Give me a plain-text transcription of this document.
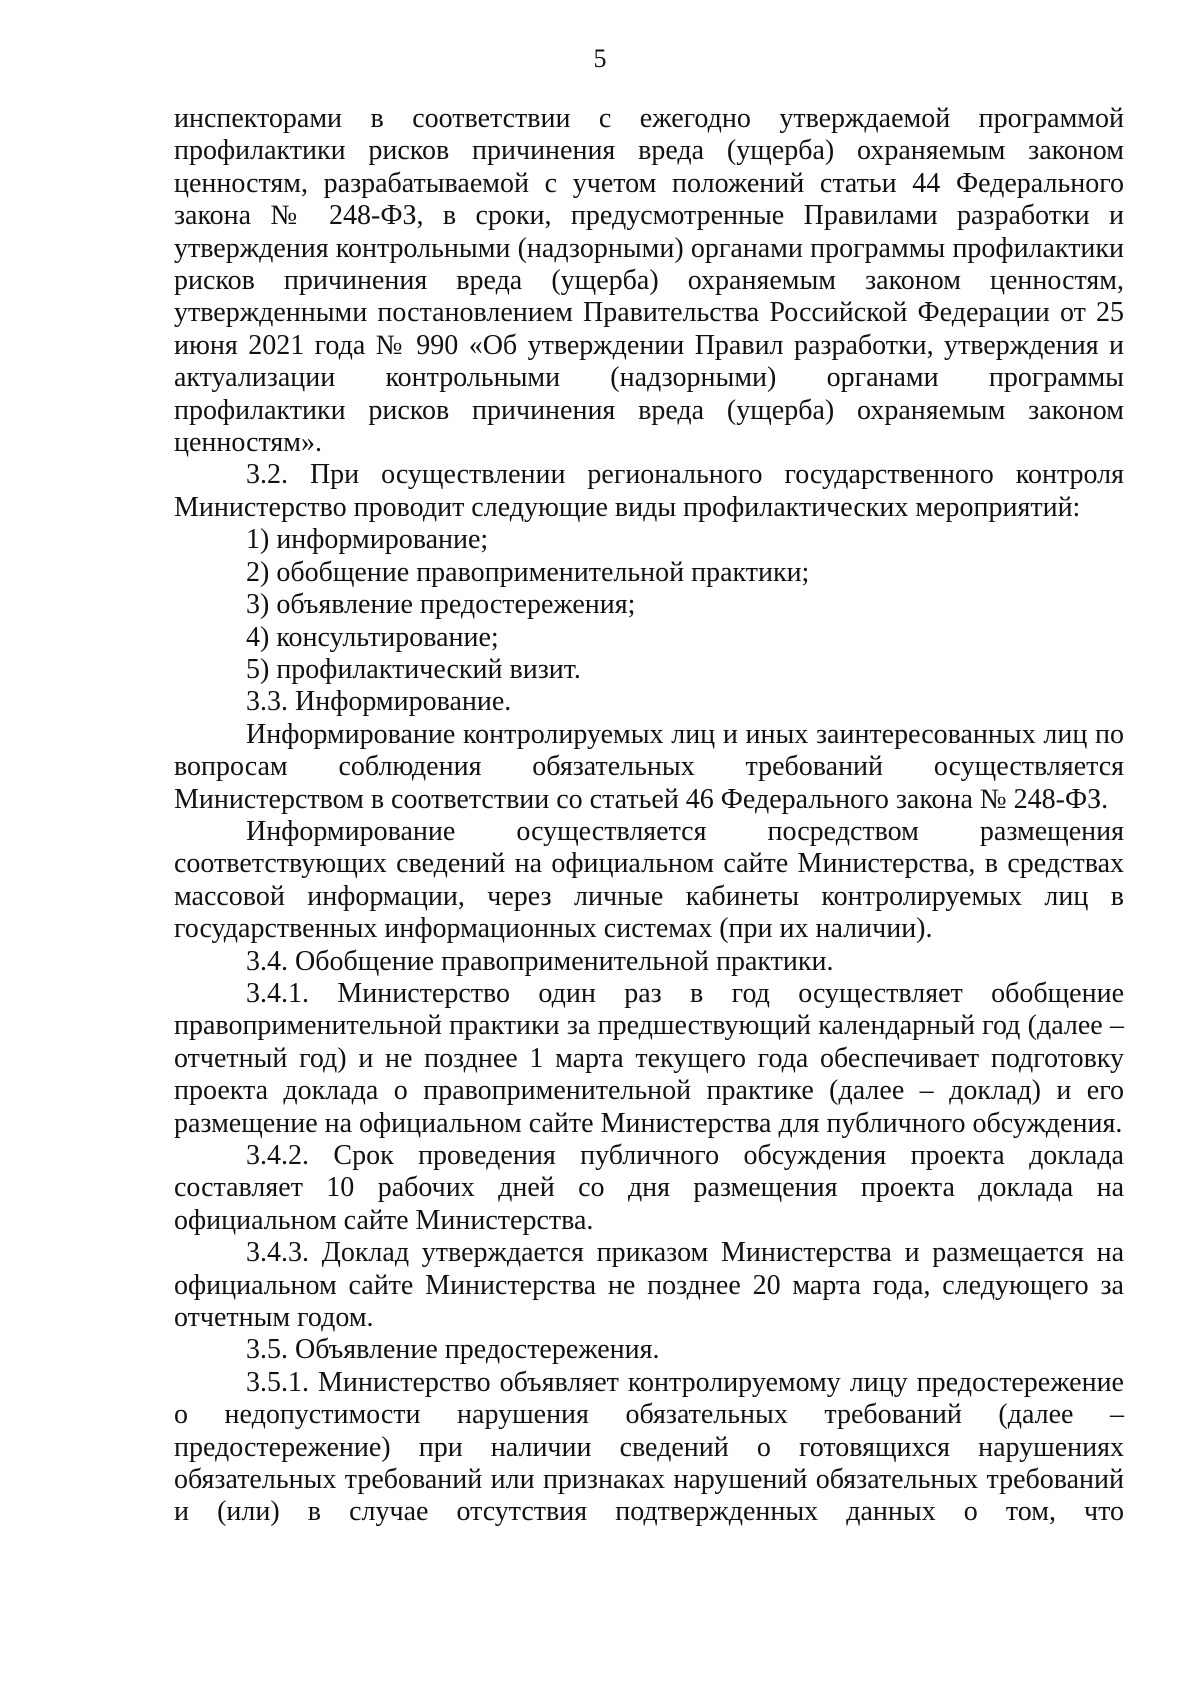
5

инспекторами в соответствии с ежегодно утверждаемой программой профилактики рисков причинения вреда (ущерба) охраняемым законом ценностям, разрабатываемой с учетом положений статьи 44 Федерального закона № 248-ФЗ, в сроки, предусмотренные Правилами разработки и утверждения контрольными (надзорными) органами программы профилактики рисков причинения вреда (ущерба) охраняемым законом ценностям, утвержденными постановлением Правительства Российской Федерации от 25 июня 2021 года № 990 «Об утверждении Правил разработки, утверждения и актуализации контрольными (надзорными) органами программы профилактики рисков причинения вреда (ущерба) охраняемым законом ценностям».

3.2. При осуществлении регионального государственного контроля Министерство проводит следующие виды профилактических мероприятий:

1) информирование;

2) обобщение правоприменительной практики;

3) объявление предостережения;

4) консультирование;

5) профилактический визит.

3.3. Информирование.

Информирование контролируемых лиц и иных заинтересованных лиц по вопросам соблюдения обязательных требований осуществляется Министерством в соответствии со статьей 46 Федерального закона № 248-ФЗ.

Информирование осуществляется посредством размещения соответствующих сведений на официальном сайте Министерства, в средствах массовой информации, через личные кабинеты контролируемых лиц в государственных информационных системах (при их наличии).

3.4. Обобщение правоприменительной практики.

3.4.1. Министерство один раз в год осуществляет обобщение правоприменительной практики за предшествующий календарный год (далее – отчетный год) и не позднее 1 марта текущего года обеспечивает подготовку проекта доклада о правоприменительной практике (далее – доклад) и его размещение на официальном сайте Министерства для публичного обсуждения.

3.4.2. Срок проведения публичного обсуждения проекта доклада составляет 10 рабочих дней со дня размещения проекта доклада на официальном сайте Министерства.

3.4.3. Доклад утверждается приказом Министерства и размещается на официальном сайте Министерства не позднее 20 марта года, следующего за отчетным годом.

3.5. Объявление предостережения.

3.5.1. Министерство объявляет контролируемому лицу предостережение о недопустимости нарушения обязательных требований (далее – предостережение) при наличии сведений о готовящихся нарушениях обязательных требований или признаках нарушений обязательных требований и (или) в случае отсутствия подтвержденных данных о том, что
